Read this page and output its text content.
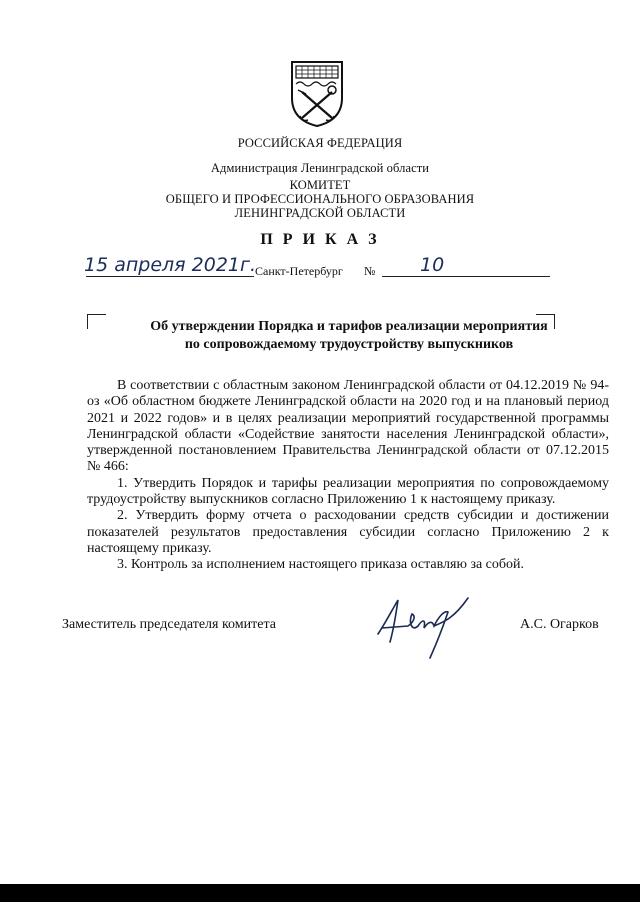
РОССИЙСКАЯ ФЕДЕРАЦИЯ
Администрация Ленинградской области
КОМИТЕТ
ОБЩЕГО И ПРОФЕССИОНАЛЬНОГО ОБРАЗОВАНИЯ
ЛЕНИНГРАДСКОЙ ОБЛАСТИ
П Р И К А З
15 апреля 2021г.
Санкт-Петербург № 10
Об утверждении Порядка и тарифов реализации мероприятия
по сопровождаемому трудоустройству выпускников

В соответствии с областным законом Ленинградской области от 04.12.2019 № 94-оз «Об областном бюджете Ленинградской области на 2020 год и на плановый период 2021 и 2022 годов» и в целях реализации мероприятий государственной программы Ленинградской области «Содействие занятости населения Ленинградской области», утвержденной постановлением Правительства Ленинградской области от 07.12.2015 № 466:

1. Утвердить Порядок и тарифы реализации мероприятия по сопровождаемому трудоустройству выпускников согласно Приложению 1 к настоящему приказу.

2. Утвердить форму отчета о расходовании средств субсидии и достижении показателей результатов предоставления субсидии согласно Приложению 2 к настоящему приказу.

3. Контроль за исполнением настоящего приказа оставляю за собой.

Заместитель председателя комитета	А.С. Огарков
